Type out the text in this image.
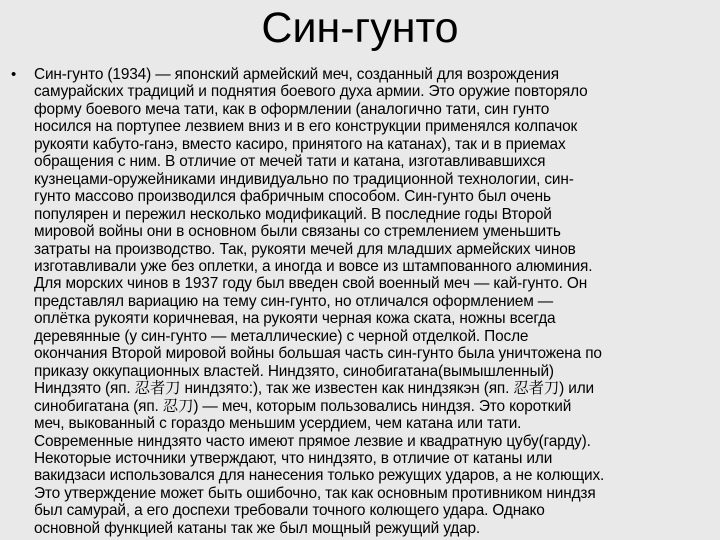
Син-гунто
• Син-гунто (1934) — японский армейский меч, созданный для возрождения
самурайских традиций и поднятия боевого духа армии. Это оружие повторяло
форму боевого меча тати, как в оформлении (аналогично тати, син гунто
носился на портупее лезвием вниз и в его конструкции применялся колпачок
рукояти кабуто-ганэ, вместо касиро, принятого на катанах), так и в приемах
обращения с ним. В отличие от мечей тати и катана, изготавливавшихся
кузнецами-оружейниками индивидуально по традиционной технологии, син-
гунто массово производился фабричным способом. Син-гунто был очень
популярен и пережил несколько модификаций. В последние годы Второй
мировой войны они в основном были связаны со стремлением уменьшить
затраты на производство. Так, рукояти мечей для младших армейских чинов
изготавливали уже без оплетки, а иногда и вовсе из штампованного алюминия.
Для морских чинов в 1937 году был введен свой военный меч — кай-гунто. Он
представлял вариацию на тему син-гунто, но отличался оформлением —
оплётка рукояти коричневая, на рукояти черная кожа ската, ножны всегда
деревянные (у син-гунто — металлические) с черной отделкой. После
окончания Второй мировой войны большая часть син-гунто была уничтожена по
приказу оккупационных властей. Ниндзято, синобигатана(вымышленный)
Ниндзято (яп. 忍者刀 ниндзято:), так же известен как ниндзякэн (яп. 忍者刀) или
синобигатана (яп. 忍刀) — меч, которым пользовались ниндзя. Это короткий
меч, выкованный с гораздо меньшим усердием, чем катана или тати.
Современные ниндзято часто имеют прямое лезвие и квадратную цубу(гарду).
Некоторые источники утверждают, что ниндзято, в отличие от катаны или
вакидзаси использовался для нанесения только режущих ударов, а не колющих.
Это утверждение может быть ошибочно, так как основным противником ниндзя
был самурай, а его доспехи требовали точного колющего удара. Однако
основной функцией катаны так же был мощный режущий удар.
